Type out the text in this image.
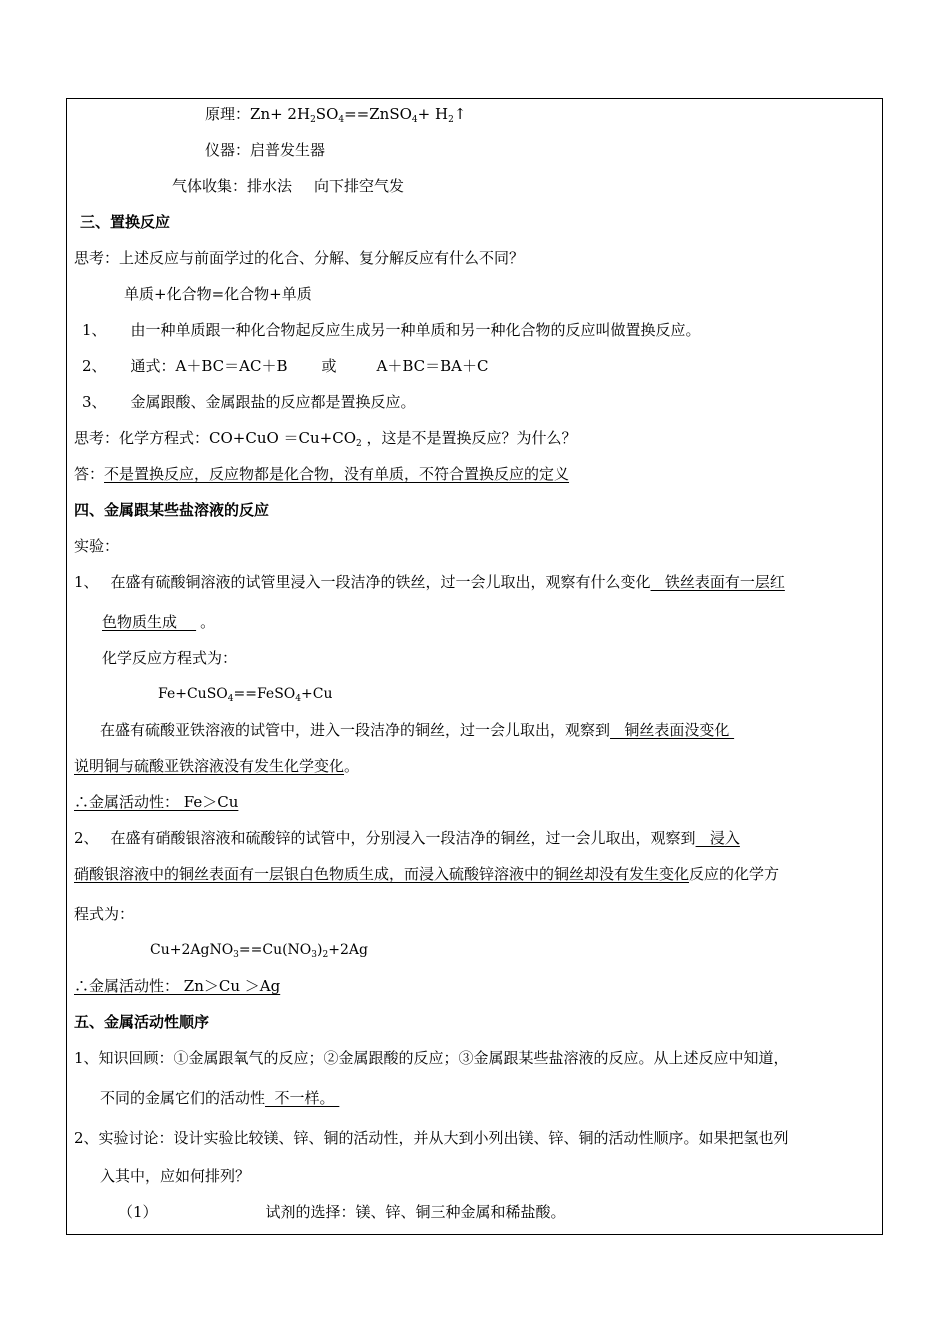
原理：$Zn+ 2H_2SO_4==ZnSO_4+$ $H_2↑$
仪器：启普发生器
气体收集：排水法 向下排空气发
三、置换反应
思考：上述反应与前面学过的化合、分解、复分解反应有什么不同？
单质+化合物=化合物+单质
1、 由一种单质跟一种化合物起反应生成另一种单质和另一种化合物的反应叫做置换反应。
2、 通式：A＋BC＝AC＋B 或	A＋BC＝BA＋C
3、 金属跟酸、金属跟盐的反应都是置换反应。
思考：化学方程式：$CO+CuO =Cu+CO_2$ ，这是不是置换反应？为什么？
答：不是置换反应，反应物都是化合物，没有单质，不符合置换反应的定义
四、金属跟某些盐溶液的反应
实验：
1、 在盛有硫酸铜溶液的试管里浸入一段洁净的铁丝，过一会儿取出，观察有什么变化   铁丝表面有一层红
色物质生成    。
化学反应方程式为：
Fe+CuSO$_4$==FeSO$_4$+Cu
在盛有硫酸亚铁溶液的试管中，进入一段洁净的铜丝，过一会儿取出，观察到   铜丝表面没变化
说明铜与硫酸亚铁溶液没有发生化学变化。
∴金属活动性： Fe＞Cu
2、 在盛有硝酸银溶液和硫酸锌的试管中，分别浸入一段洁净的铜丝，过一会儿取出，观察到   浸入
硝酸银溶液中的铜丝表面有一层银白色物质生成，而浸入硫酸锌溶液中的铜丝却没有发生变化反应的化学方
程式为：
$Cu+2AgNO_3==Cu(NO_3)_2+2Ag$
∴金属活动性： Zn＞Cu ＞Ag
五、金属活动性顺序
1、知识回顾：①金属跟氧气的反应；②金属跟酸的反应；③金属跟某些盐溶液的反应。从上述反应中知道，
不同的金属它们的活动性  不一样。
2、实验讨论：设计实验比较镁、锌、铜的活动性，并从大到小列出镁、锌、铜的活动性顺序。如果把氢也列
入其中，应如何排列？
（1）	试剂的选择：镁、锌、铜三种金属和稀盐酸。
